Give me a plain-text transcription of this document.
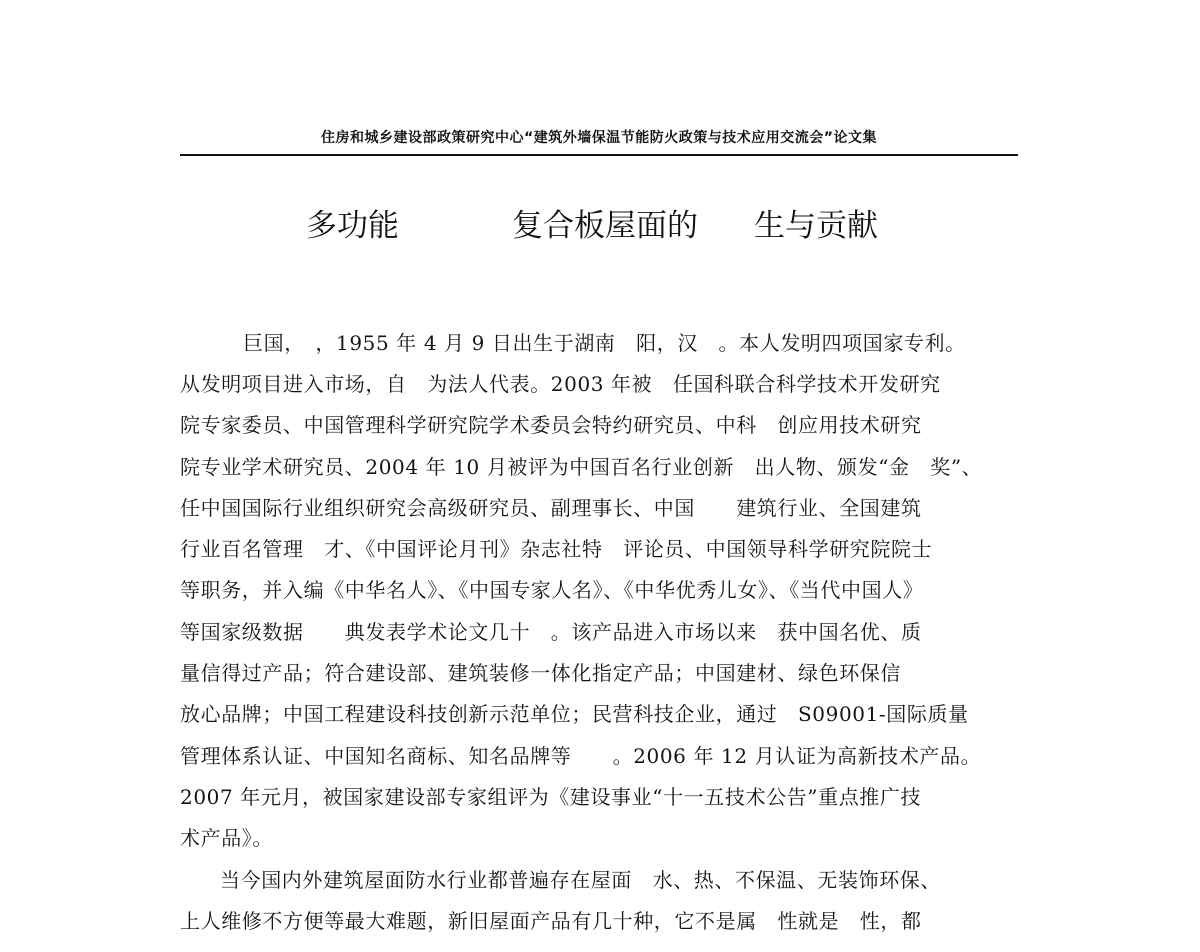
住房和城乡建设部政策研究中心“建筑外墙保温节能防火政策与技术应用交流会”论文集
多功能	复合板屋面的 生与贡献
巨国，　，1955 年 4 月 9 日出生于湖南　阳，汉　。本人发明四项国家专利。
从发明项目进入市场，自　为法人代表。2003 年被　任国科联合科学技术开发研究
院专家委员、中国管理科学研究院学术委员会特约研究员、中科　创应用技术研究
院专业学术研究员、2004 年 10 月被评为中国百名行业创新　出人物、颁发“金　奖”、
任中国国际行业组织研究会高级研究员、副理事长、中国　　建筑行业、全国建筑
行业百名管理　才、《中国评论月刊》杂志社特　评论员、中国领导科学研究院院士
等职务，并入编《中华名人》、《中国专家人名》、《中华优秀儿女》、《当代中国人》
等国家级数据　　典发表学术论文几十　。该产品进入市场以来　获中国名优、质
量信得过产品；符合建设部、建筑装修一体化指定产品；中国建材、绿色环保信
放心品牌；中国工程建设科技创新示范单位；民营科技企业，通过　S09001-国际质量
管理体系认证、中国知名商标、知名品牌等　　。2006 年 12 月认证为高新技术产品。
2007 年元月，被国家建设部专家组评为《建设事业“十一五技术公告”重点推广技
术产品》。
当今国内外建筑屋面防水行业都普遍存在屋面　水、热、不保温、无装饰环保、
上人维修不方便等最大难题，新旧屋面产品有几十种，它不是属　性就是　性，都
